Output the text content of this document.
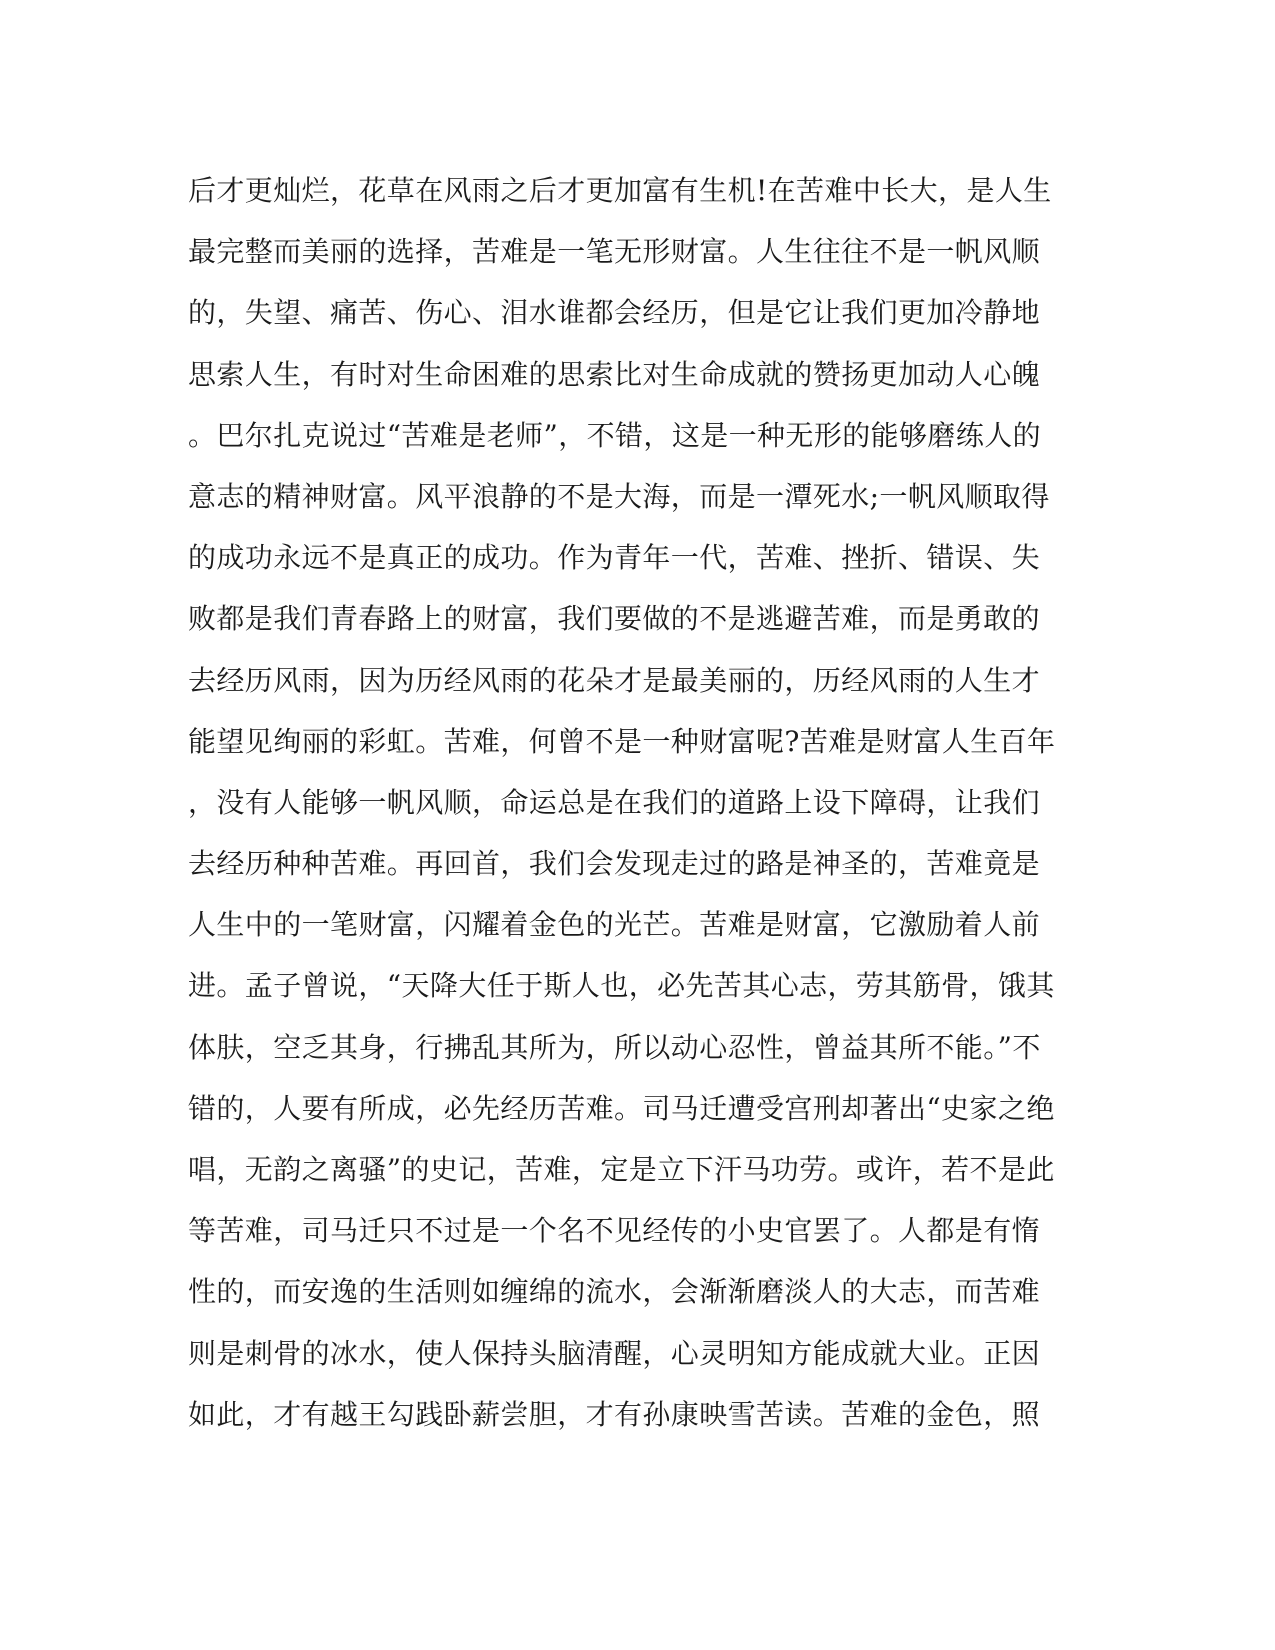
后才更灿烂，花草在风雨之后才更加富有生机!在苦难中长大，是人生
最完整而美丽的选择，苦难是一笔无形财富。人生往往不是一帆风顺
的，失望、痛苦、伤心、泪水谁都会经历，但是它让我们更加冷静地
思索人生，有时对生命困难的思索比对生命成就的赞扬更加动人心魄
。巴尔扎克说过“苦难是老师”，不错，这是一种无形的能够磨练人的
意志的精神财富。风平浪静的不是大海，而是一潭死水;一帆风顺取得
的成功永远不是真正的成功。作为青年一代，苦难、挫折、错误、失
败都是我们青春路上的财富，我们要做的不是逃避苦难，而是勇敢的
去经历风雨，因为历经风雨的花朵才是最美丽的，历经风雨的人生才
能望见绚丽的彩虹。苦难，何曾不是一种财富呢?苦难是财富人生百年
，没有人能够一帆风顺，命运总是在我们的道路上设下障碍，让我们
去经历种种苦难。再回首，我们会发现走过的路是神圣的，苦难竟是
人生中的一笔财富，闪耀着金色的光芒。苦难是财富，它激励着人前
进。孟子曾说，“天降大任于斯人也，必先苦其心志，劳其筋骨，饿其
体肤，空乏其身，行拂乱其所为，所以动心忍性，曾益其所不能。”不
错的，人要有所成，必先经历苦难。司马迁遭受宫刑却著出“史家之绝
唱，无韵之离骚”的史记，苦难，定是立下汗马功劳。或许，若不是此
等苦难，司马迁只不过是一个名不见经传的小史官罢了。人都是有惰
性的，而安逸的生活则如缠绵的流水，会渐渐磨淡人的大志，而苦难
则是刺骨的冰水，使人保持头脑清醒，心灵明知方能成就大业。正因
如此，才有越王勾践卧薪尝胆，才有孙康映雪苦读。苦难的金色，照
